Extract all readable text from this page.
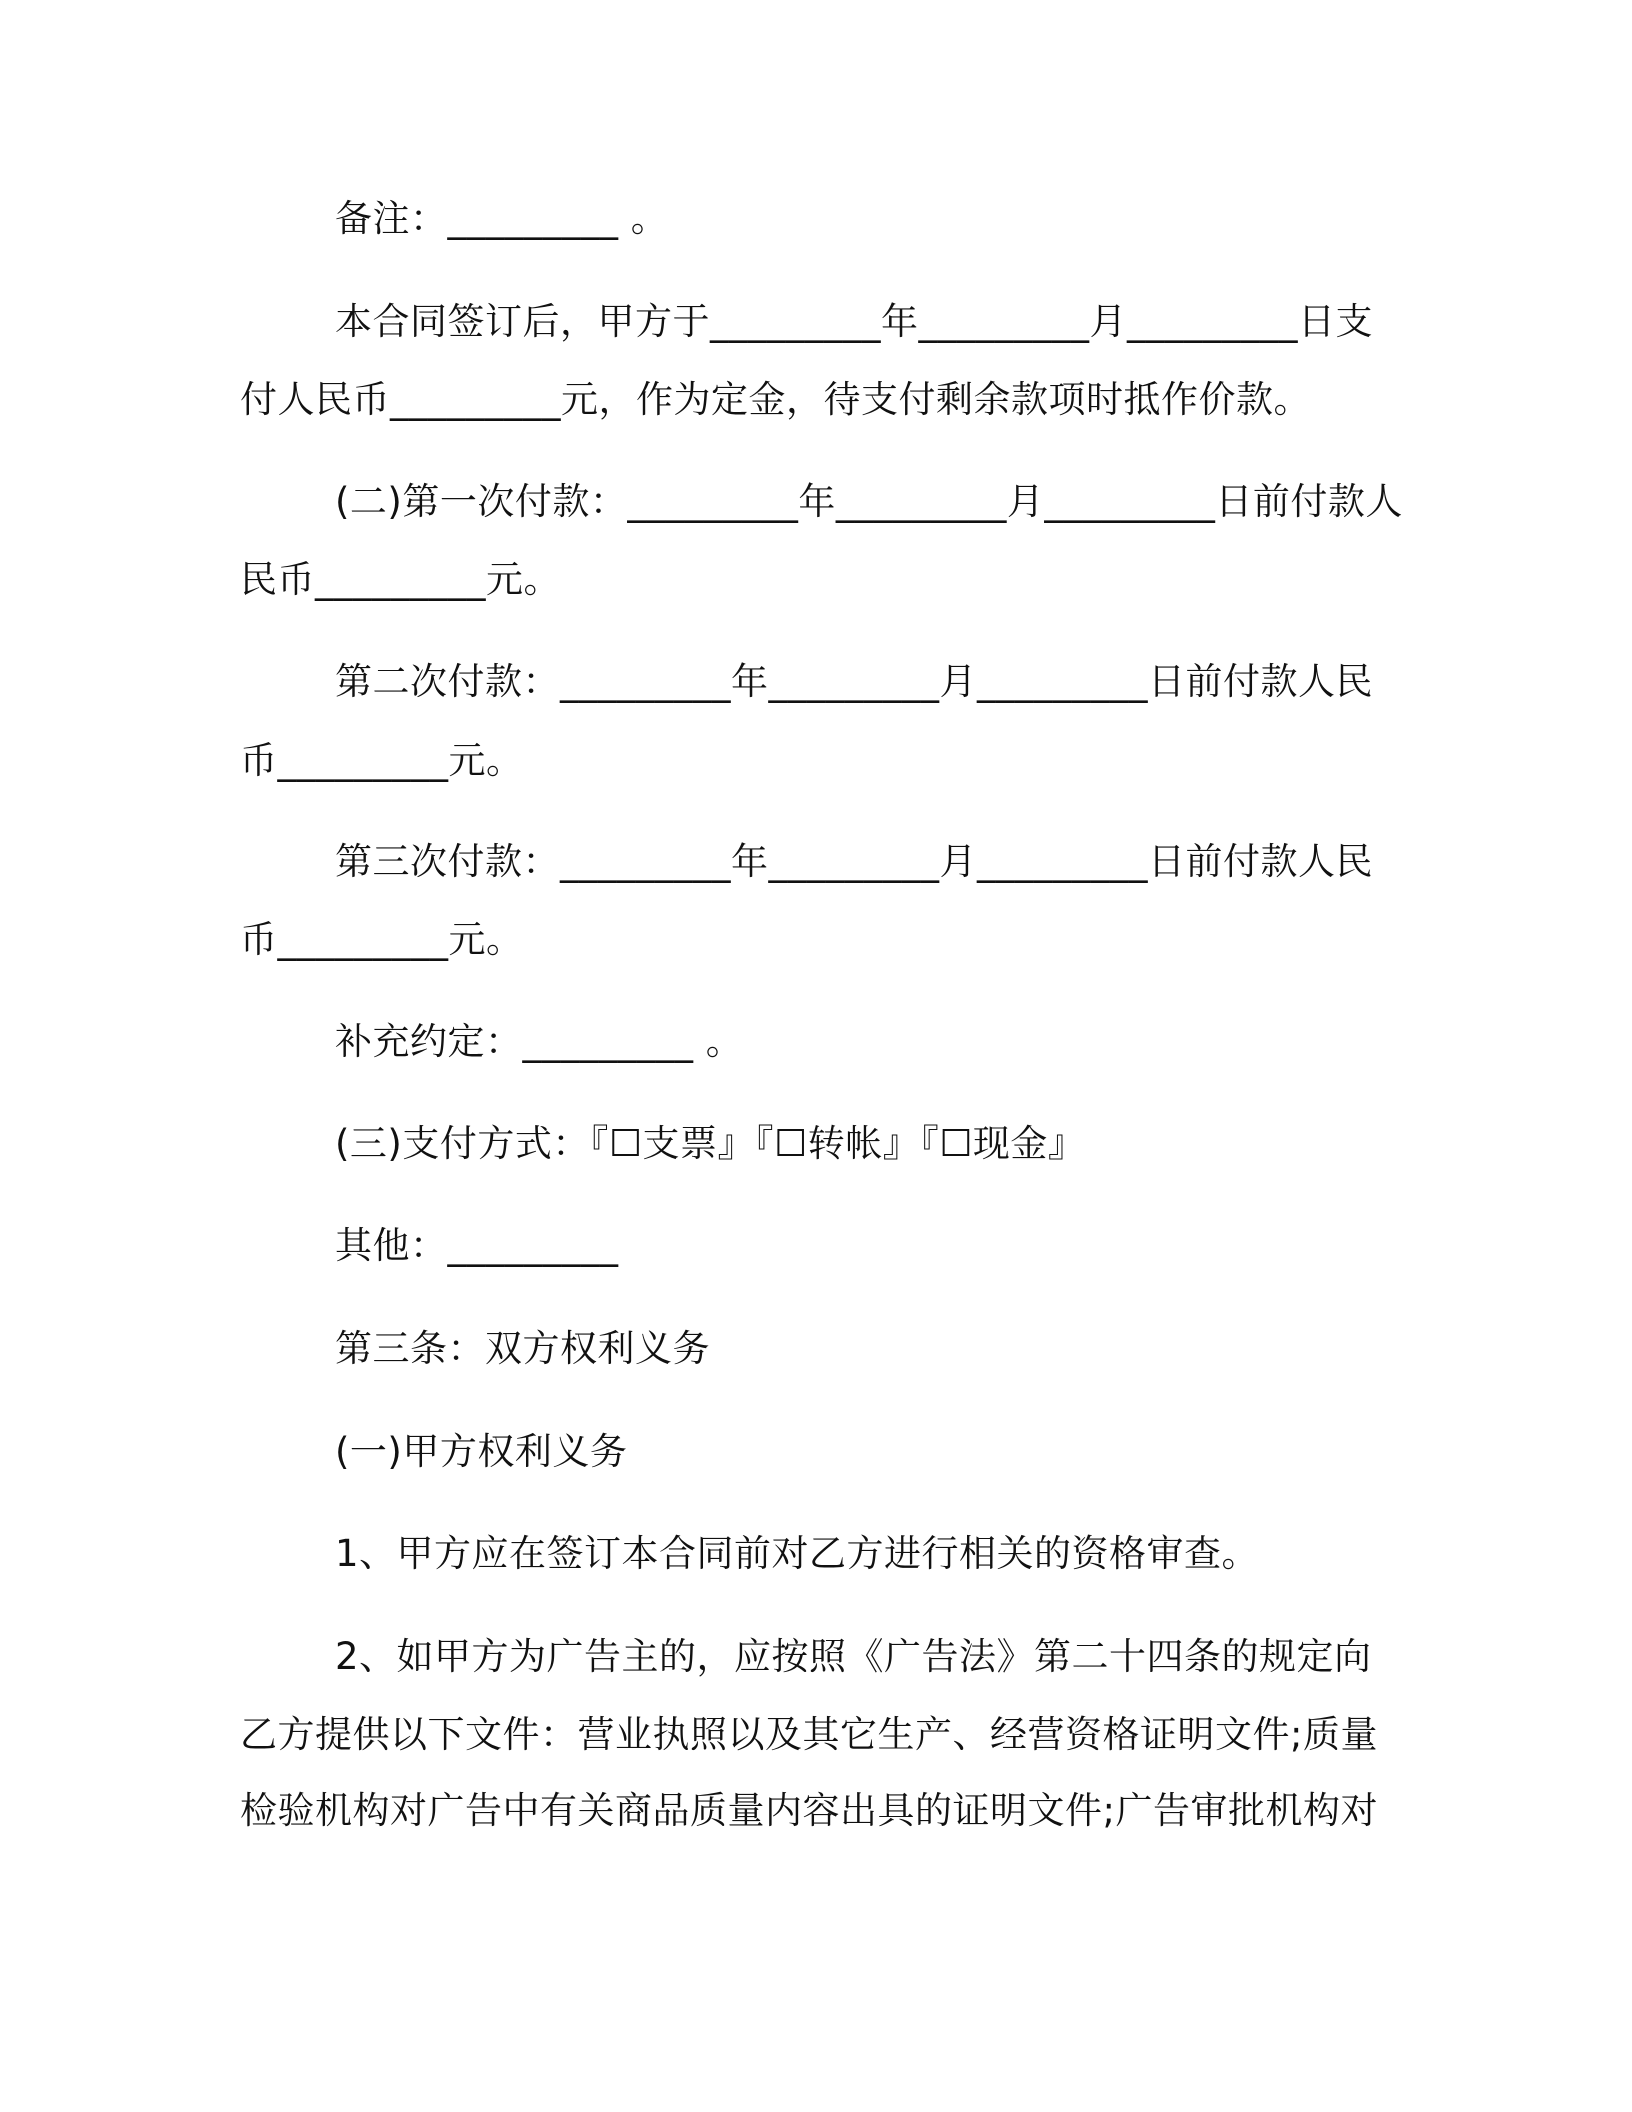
备注：_________ 。
本合同签订后，甲方于_________年_________月_________日支
付人民币_________元，作为定金，待支付剩余款项时抵作价款。
(二)第一次付款：_________年_________月_________日前付款人
民币_________元。
第二次付款：_________年_________月_________日前付款人民
币_________元。
第三次付款：_________年_________月_________日前付款人民
币_________元。
补充约定：_________ 。
(三)支付方式：『☐支票』『☐转帐』『☐现金』
其他：_________
第三条：双方权利义务
(一)甲方权利义务
1、甲方应在签订本合同前对乙方进行相关的资格审查。
2、如甲方为广告主的，应按照《广告法》第二十四条的规定向
乙方提供以下文件：营业执照以及其它生产、经营资格证明文件;质量
检验机构对广告中有关商品质量内容出具的证明文件;广告审批机构对
